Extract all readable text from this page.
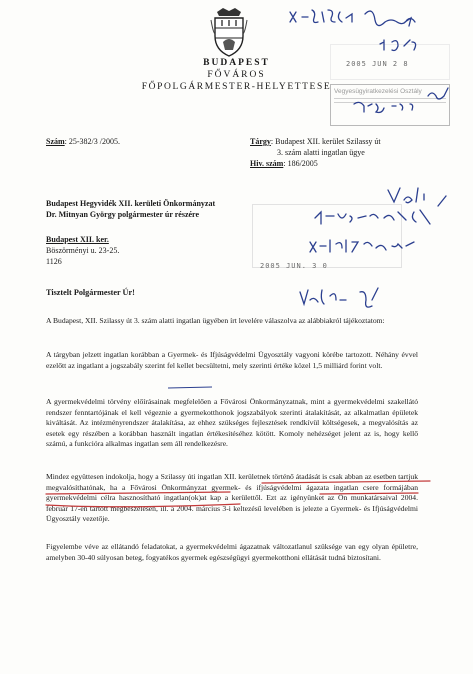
BUDAPEST
FŐVÁROS
FŐPOLGÁRMESTER-HELYETTESE
Szám: 25-382/3 /2005.	Tárgy: Budapest XII. kerület Szilassy út
3. szám alatti ingatlan ügye
Hiv. szám: 186/2005
Budapest Hegyvidék XII. kerületi Önkormányzat
Dr. Mitnyan György polgármester úr részére
Budapest XII. ker.
Böszörményi u. 23-25.
1126
Tisztelt Polgármester Úr!
A Budapest, XII. Szilassy út 3. szám alatti ingatlan ügyében írt levelére válaszolva az alábbiakról tájékoztatom:
A tárgyban jelzett ingatlan korábban a Gyermek- és Ifjúságvédelmi Ügyosztály vagyoni körébe tartozott. Néhány évvel ezelőtt az ingatlant a jogszabály szerint fel kellet becsültetni, mely szerinti értéke közel 1,5 milliárd forint volt.
A gyermekvédelmi törvény előírásainak megfelelően a Fővárosi Önkormányzatnak, mint a gyermekvédelmi szakellátó rendszer fenntartójának el kell végeznie a gyermekotthonok jogszabályok szerinti átalakítását, az alkalmatlan épületek kiváltását. Az intézményrendszer átalakítása, az ehhez szükséges fejlesztések rendkívül költségesek, a megvalósítás az esetek egy részében a korábban használt ingatlan értékesítéséhez kötött. Komoly nehézséget jelent az is, hogy kellő számú, a funkcióra alkalmas ingatlan sem áll rendelkezésre.
Mindez együttesen indokolja, hogy a Szilassy úti ingatlan XII. kerületnek történő átadását is csak abban az esetben tartjuk megvalósíthatónak, ha a Fővárosi Önkormányzat gyermek- és ifjúságvédelmi ágazata ingatlan csere formájában gyermekvédelmi célra hasznosítható ingatlan(ok)at kap a kerülettől. Ezt az igényünket az Ön munkatársaival 2004. február 17-én tartott megbeszélésen, ill. a 2004. március 3-i keltezésű levelében is jelezte a Gyermek- és Ifjúságvédelmi Ügyosztály vezetője.
Figyelembe véve az ellátandó feladatokat, a gyermekvédelmi ágazatnak változatlanul szüksége van egy olyan épületre, amelyben 30-40 súlyosan beteg, fogyatékos gyermek egészségügyi gyermekotthoni ellátását tudná biztosítani.
2005 JUN 2 8
Vegyesügyiratkezelési Osztály
2005 JUN. 3 0
